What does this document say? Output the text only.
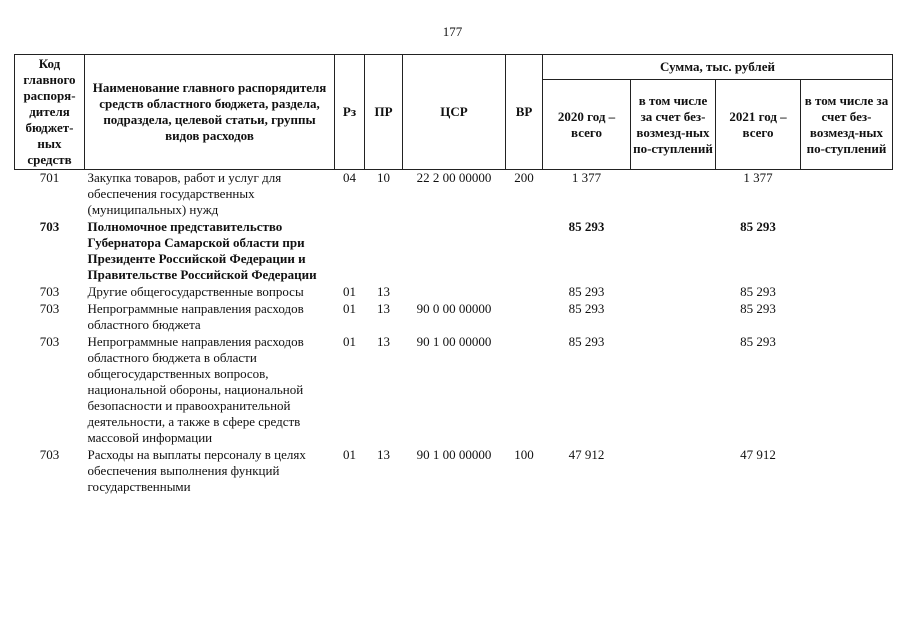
177
Код главного распоря-дителя бюджет-ных средств	Наименование главного распорядителя средств областного бюджета, раздела, подраздела, целевой статьи, группы видов расходов	Рз	ПР	ЦСР	ВР	Сумма, тыс. рублей			
						2020 год – всего	в том числе за счет без-возмезд-ных по-ступлений	2021 год – всего	в том числе за счет без-возмезд-ных по-ступлений
701	Закупка товаров, работ и услуг для обеспечения государственных (муниципальных) нужд	04	10	22 2 00 00000	200	1 377		1 377	
703	Полномочное представительство Губернатора Самарской области при Президенте Российской Федерации и Правительстве Российской Федерации					85 293		85 293	
703	Другие общегосударственные вопросы	01	13			85 293		85 293	
703	Непрограммные направления расходов областного бюджета	01	13	90 0 00 00000		85 293		85 293	
703	Непрограммные направления расходов областного бюджета в области общегосударственных вопросов, национальной обороны, национальной безопасности и правоохранительной деятельности, а также в сфере средств массовой информации	01	13	90 1 00 00000		85 293		85 293	
703	Расходы на выплаты персоналу в целях обеспечения выполнения функций государственными	01	13	90 1 00 00000	100	47 912		47 912	
